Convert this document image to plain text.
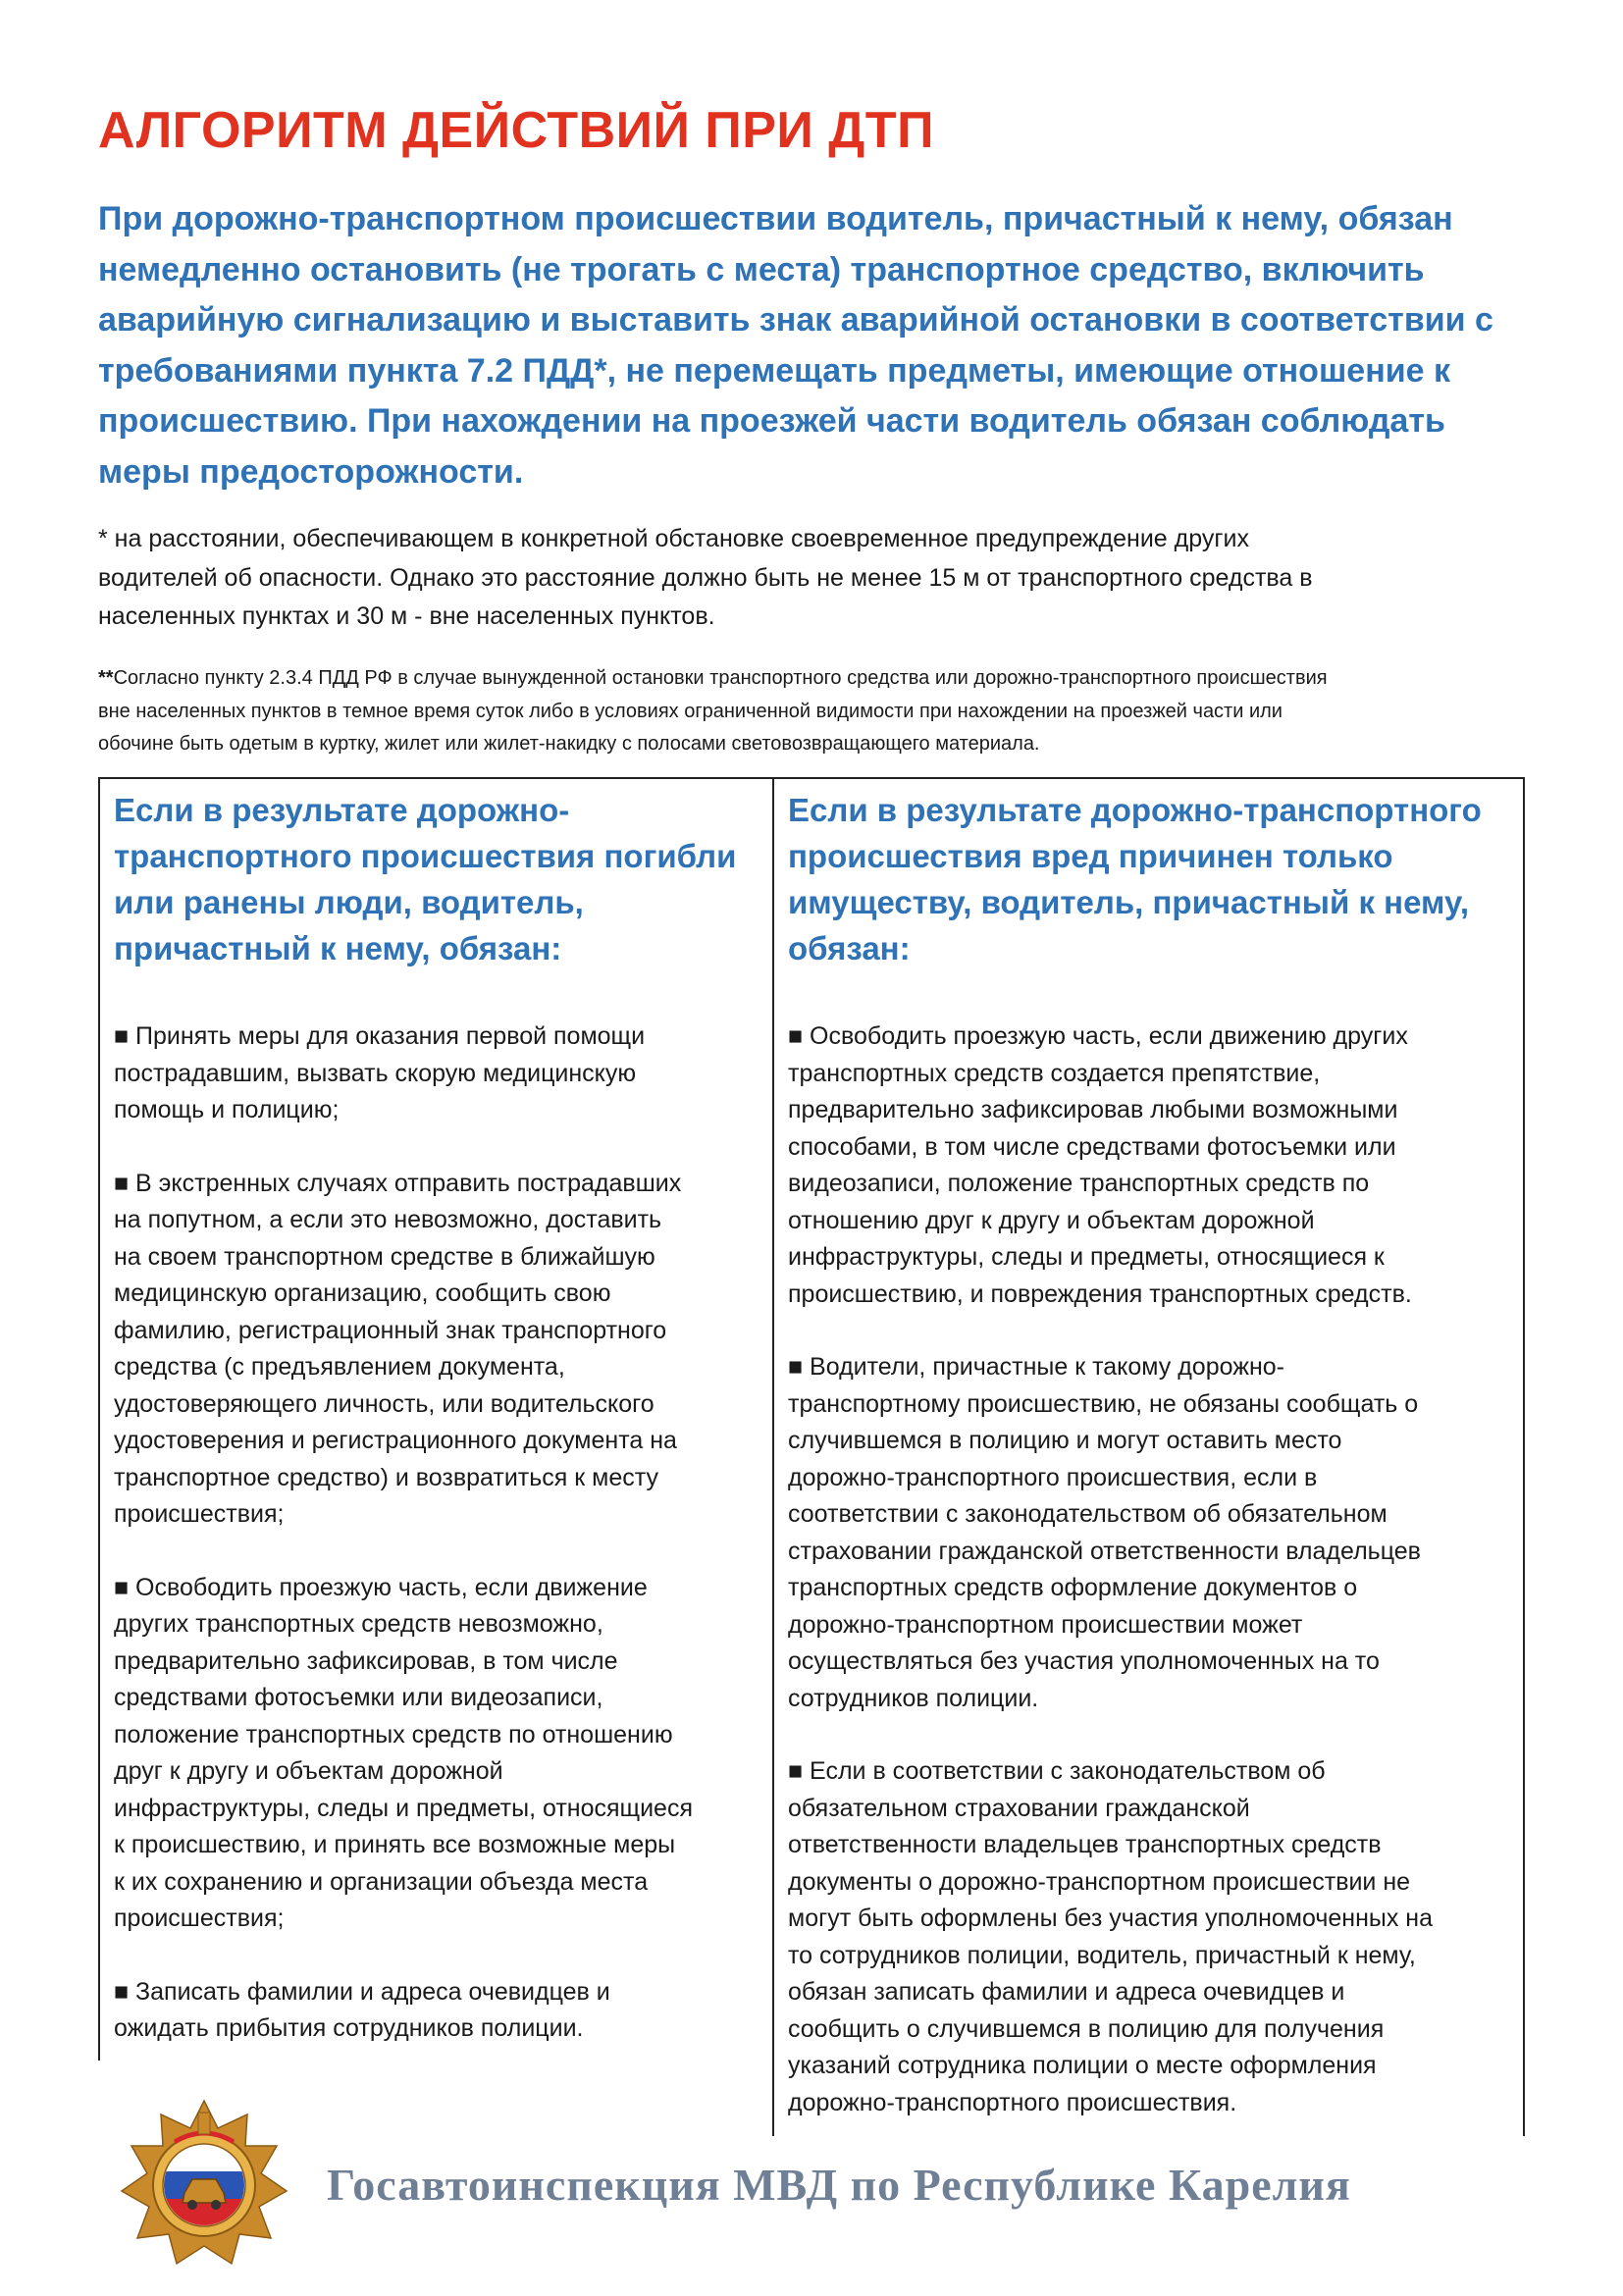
АЛГОРИТМ ДЕЙСТВИЙ ПРИ ДТП

При дорожно-транспортном происшествии водитель, причастный к нему, обязан
немедленно остановить (не трогать с места) транспортное средство, включить
аварийную сигнализацию и выставить знак аварийной остановки в соответствии с
требованиями пункта 7.2 ПДД*, не перемещать предметы, имеющие отношение к
происшествию. При нахождении на проезжей части водитель обязан соблюдать
меры предосторожности.

* на расстоянии, обеспечивающем в конкретной обстановке своевременное предупреждение других
водителей об опасности. Однако это расстояние должно быть не менее 15 м от транспортного средства в
населенных пунктах и 30 м - вне населенных пунктов.

**Согласно пункту 2.3.4 ПДД РФ в случае вынужденной остановки транспортного средства или дорожно-транспортного происшествия
вне населенных пунктов в темное время суток либо в условиях ограниченной видимости при нахождении на проезжей части или
обочине быть одетым в куртку, жилет или жилет-накидку с полосами световозвращающего материала.

Если в результате дорожно-
транспортного происшествия погибли
или ранены люди, водитель,
причастный к нему, обязан:

■ Принять меры для оказания первой помощи
пострадавшим, вызвать скорую медицинскую
помощь и полицию;

■ В экстренных случаях отправить пострадавших
на попутном, а если это невозможно, доставить
на своем транспортном средстве в ближайшую
медицинскую организацию, сообщить свою
фамилию, регистрационный знак транспортного
средства (с предъявлением документа,
удостоверяющего личность, или водительского
удостоверения и регистрационного документа на
транспортное средство) и возвратиться к месту
происшествия;

■ Освободить проезжую часть, если движение
других транспортных средств невозможно,
предварительно зафиксировав, в том числе
средствами фотосъемки или видеозаписи,
положение транспортных средств по отношению
друг к другу и объектам дорожной
инфраструктуры, следы и предметы, относящиеся
к происшествию, и принять все возможные меры
к их сохранению и организации объезда места
происшествия;

■ Записать фамилии и адреса очевидцев и
ожидать прибытия сотрудников полиции.

Если в результате дорожно-транспортного
происшествия вред причинен только
имуществу, водитель, причастный к нему,
обязан:

■ Освободить проезжую часть, если движению других
транспортных средств создается препятствие,
предварительно зафиксировав любыми возможными
способами, в том числе средствами фотосъемки или
видеозаписи, положение транспортных средств по
отношению друг к другу и объектам дорожной
инфраструктуры, следы и предметы, относящиеся к
происшествию, и повреждения транспортных средств.

■ Водители, причастные к такому дорожно-
транспортному происшествию, не обязаны сообщать о
случившемся в полицию и могут оставить место
дорожно-транспортного происшествия, если в
соответствии с законодательством об обязательном
страховании гражданской ответственности владельцев
транспортных средств оформление документов о
дорожно-транспортном происшествии может
осуществляться без участия уполномоченных на то
сотрудников полиции.

■ Если в соответствии с законодательством об
обязательном страховании гражданской
ответственности владельцев транспортных средств
документы о дорожно-транспортном происшествии не
могут быть оформлены без участия уполномоченных на
то сотрудников полиции, водитель, причастный к нему,
обязан записать фамилии и адреса очевидцев и
сообщить о случившемся в полицию для получения
указаний сотрудника полиции о месте оформления
дорожно-транспортного происшествия.

Госавтоинспекция МВД по Республике Карелия
